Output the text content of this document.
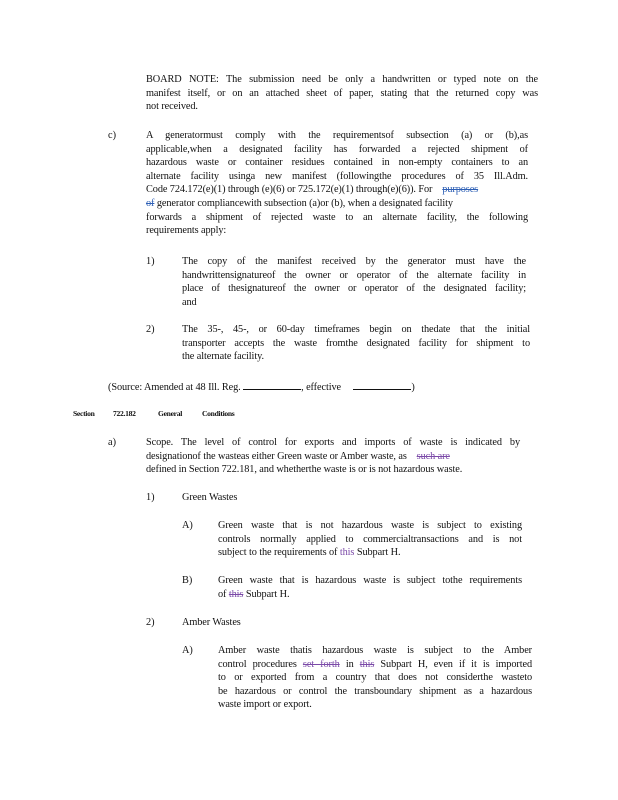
BOARD NOTE: The submission need be only a handwritten or typed note on the
manifest itself, or on an attached sheet of paper, stating that the returned copy was
not received.
c)	A generatormust comply with the requirementsof subsection (a) or (b),as
applicable,when a designated facility has forwarded a rejected shipment of
hazardous waste or container residues contained in non-empty containers to an
alternate facility usinga new manifest (followingthe procedures of 35 Ill.Adm.
Code 724.172(e)(1) through (e)(6) or 725.172(e)(1) through(e)(6)). For purposes
of generator compliancewith subsection (a)or (b), when a designated facility
forwards a shipment of rejected waste to an alternate facility, the following
requirements apply:
1)	The copy of the manifest received by the generator must have the
handwrittensignatureof the owner or operator of the alternate facility in
place of thesignatureof the owner or operator of the designated facility;
and
2)	The 35-, 45-, or 60-day timeframes begin on thedate that the initial
transporter accepts the waste fromthe designated facility for shipment to
the alternate facility.
(Source: Amended at 48 Ill. Reg.	, effective	)
Section 722.182	General	Conditions
a)	Scope. The level of control for exports and imports of waste is indicated by
designationof the wasteas either Green waste or Amber waste, as such are
defined in Section 722.181, and whetherthe waste is or is not hazardous waste.
1)	Green Wastes
A) Green waste that is not hazardous waste is subject to existing
controls normally applied to commercialtransactions and is not
subject to the requirements of this Subpart H.
B) Green waste that is hazardous waste is subject tothe requirements
of this Subpart H.
2)	Amber Wastes
A) Amber waste thatis hazardous waste is subject to the Amber
control procedures set forth in this Subpart H, even if it is imported
to or exported from a country that does not considerthe wasteto
be hazardous or control the transboundary shipment as a hazardous
waste import or export.
